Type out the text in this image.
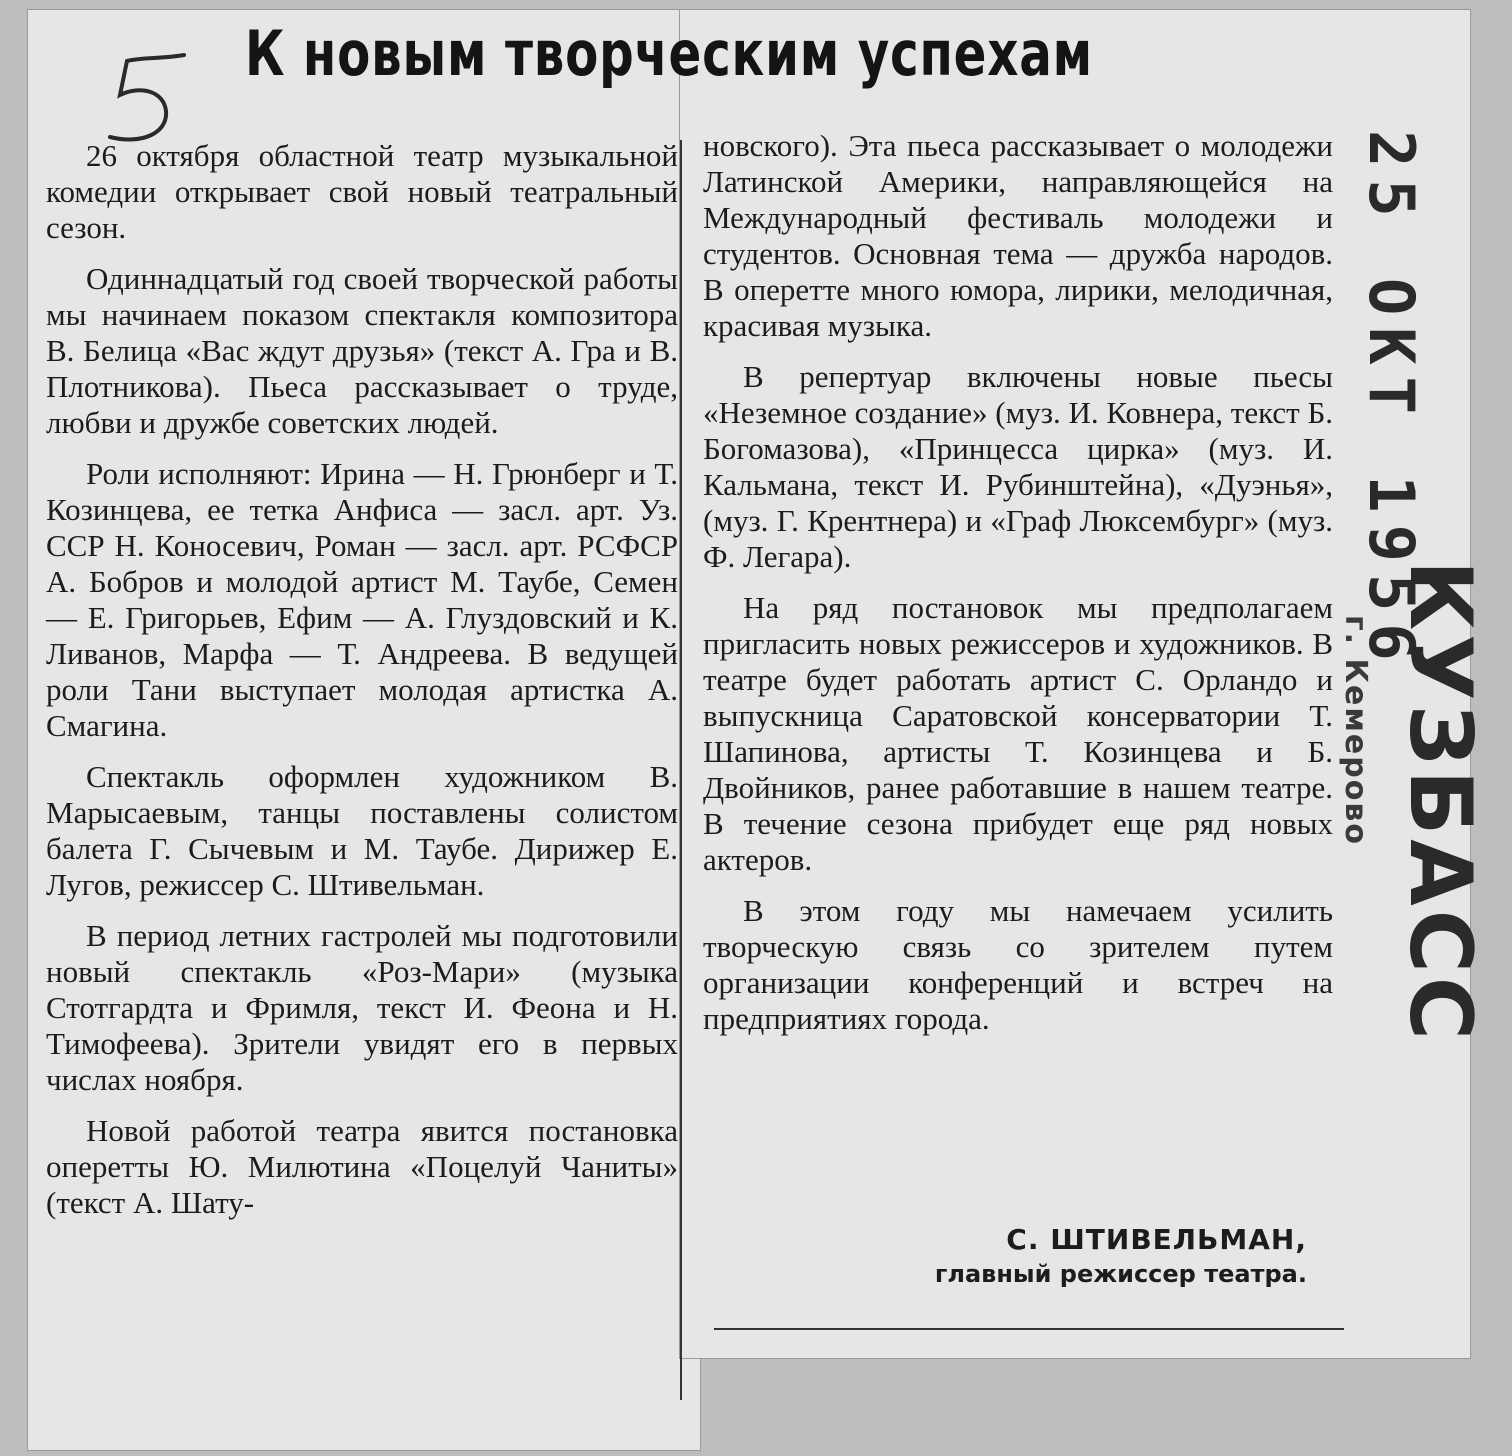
К новым творческим успехам

26 октября областной театр музыкальной комедии открывает свой новый театральный сезон.

Одиннадцатый год своей творческой работы мы начинаем показом спектакля композитора В. Белица «Вас ждут друзья» (текст А. Гра и В. Плотникова). Пьеса рассказывает о труде, любви и дружбе советских людей.

Роли исполняют: Ирина — Н. Грюнберг и Т. Козинцева, ее тетка Анфиса — засл. арт. Уз. ССР Н. Коносевич, Роман — засл. арт. РСФСР А. Бобров и молодой артист М. Таубе, Семен — Е. Григорьев, Ефим — А. Глуздовский и К. Ливанов, Марфа — Т. Андреева. В ведущей роли Тани выступает молодая артистка А. Смагина.

Спектакль оформлен художником В. Марысаевым, танцы поставлены солистом балета Г. Сычевым и М. Таубе. Дирижер Е. Лугов, режиссер С. Штивельман.

В период летних гастролей мы подготовили новый спектакль «Роз-Мари» (музыка Стотгардта и Фримля, текст И. Феона и Н. Тимофеева). Зрители увидят его в первых числах ноября.

Новой работой театра явится постановка оперетты Ю. Милютина «Поцелуй Чаниты» (текст А. Шату-

новского). Эта пьеса рассказывает о молодежи Латинской Америки, направляющейся на Международный фестиваль молодежи и студентов. Основная тема — дружба народов. В оперетте много юмора, лирики, мелодичная, красивая музыка.

В репертуар включены новые пьесы «Неземное создание» (муз. И. Ковнера, текст Б. Богомазова), «Принцесса цирка» (муз. И. Кальмана, текст И. Рубинштейна), «Дуэнья», (муз. Г. Крентнера) и «Граф Люксембург» (муз. Ф. Легара).

На ряд постановок мы предполагаем пригласить новых режиссеров и художников. В театре будет работать артист С. Орландо и выпускница Саратовской консерватории Т. Шапинова, артисты Т. Козинцева и Б. Двойников, ранее работавшие в нашем театре. В течение сезона прибудет еще ряд новых актеров.

В этом году мы намечаем усилить творческую связь со зрителем путем организации конференций и встреч на предприятиях города.

С. ШТИВЕЛЬМАН,
главный режиссер театра.
25 ОКТ 1956
КУЗБАСС
г. Кемерово
